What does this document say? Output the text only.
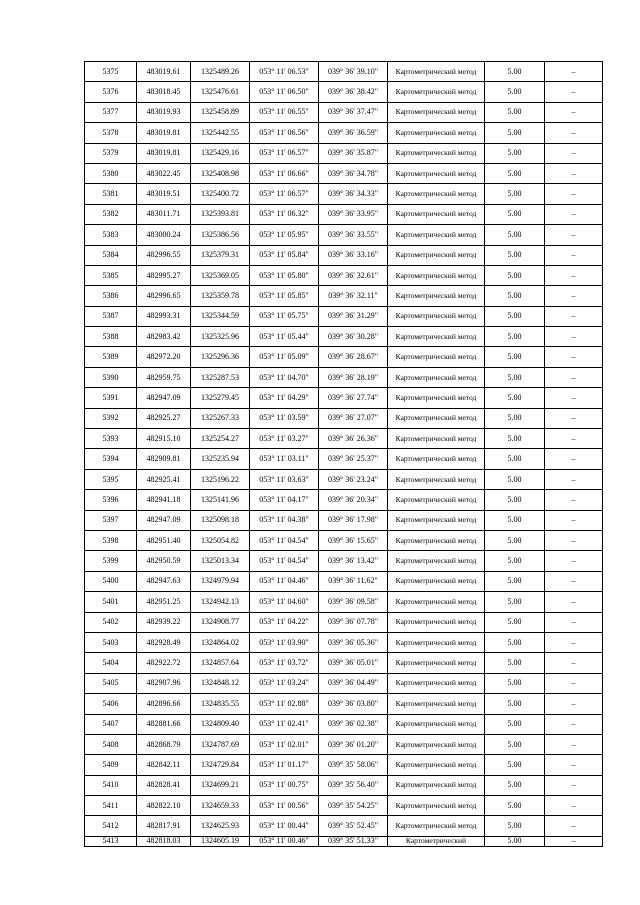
5375	483019.61	1325489.26	053° 11' 06.53"	039° 36' 39.10"	Картометрический метод	5.00	–
5376	483018.45	1325476.61	053° 11' 06.50"	039° 36' 38.42"	Картометрический метод	5.00	–
5377	483019.93	1325458.89	053° 11' 06.55"	039° 36' 37.47"	Картометрический метод	5.00	–
5378	483019.81	1325442.55	053° 11' 06.56"	039° 36' 36.59"	Картометрический метод	5.00	–
5379	483019.81	1325429.16	053° 11' 06.57"	039° 36' 35.87"	Картометрический метод	5.00	–
5380	483022.45	1325408.98	053° 11' 06.66"	039° 36' 34.78"	Картометрический метод	5.00	–
5381	483019.51	1325400.72	053° 11' 06.57"	039° 36' 34.33"	Картометрический метод	5.00	–
5382	483011.71	1325393.81	053° 11' 06.32"	039° 36' 33.95"	Картометрический метод	5.00	–
5383	483000.24	1325386.56	053° 11' 05.95"	039° 36' 33.55"	Картометрический метод	5.00	–
5384	482996.55	1325379.31	053° 11' 05.84"	039° 36' 33.16"	Картометрический метод	5.00	–
5385	482995.27	1325369.05	053° 11' 05.80"	039° 36' 32.61"	Картометрический метод	5.00	–
5386	482996.65	1325359.78	053° 11' 05.85"	039° 36' 32.11"	Картометрический метод	5.00	–
5387	482993.31	1325344.59	053° 11' 05.75"	039° 36' 31.29"	Картометрический метод	5.00	–
5388	482983.42	1325325.96	053° 11' 05.44"	039° 36' 30.28"	Картометрический метод	5.00	–
5389	482972.20	1325296.36	053° 11' 05.09"	039° 36' 28.67"	Картометрический метод	5.00	–
5390	482959.75	1325287.53	053° 11' 04.70"	039° 36' 28.19"	Картометрический метод	5.00	–
5391	482947.09	1325279.45	053° 11' 04.29"	039° 36' 27.74"	Картометрический метод	5.00	–
5392	482925.27	1325267.33	053° 11' 03.59"	039° 36' 27.07"	Картометрический метод	5.00	–
5393	482915.10	1325254.27	053° 11' 03.27"	039° 36' 26.36"	Картометрический метод	5.00	–
5394	482909.81	1325235.94	053° 11' 03.11"	039° 36' 25.37"	Картометрический метод	5.00	–
5395	482925.41	1325196.22	053° 11' 03.63"	039° 36' 23.24"	Картометрический метод	5.00	–
5396	482941.18	1325141.96	053° 11' 04.17"	039° 36' 20.34"	Картометрический метод	5.00	–
5397	482947.09	1325098.18	053° 11' 04.38"	039° 36' 17.98"	Картометрический метод	5.00	–
5398	482951.40	1325054.82	053° 11' 04.54"	039° 36' 15.65"	Картометрический метод	5.00	–
5399	482950.59	1325013.34	053° 11' 04.54"	039° 36' 13.42"	Картометрический метод	5.00	–
5400	482947.63	1324979.94	053° 11' 04.46"	039° 36' 11.62"	Картометрический метод	5.00	–
5401	482951.25	1324942.13	053° 11' 04.60"	039° 36' 09.58"	Картометрический метод	5.00	–
5402	482939.22	1324908.77	053° 11' 04.22"	039° 36' 07.78"	Картометрический метод	5.00	–
5403	482928.49	1324864.02	053° 11' 03.90"	039° 36' 05.36"	Картометрический метод	5.00	–
5404	482922.72	1324857.64	053° 11' 03.72"	039° 36' 05.01"	Картометрический метод	5.00	–
5405	482907.96	1324848.12	053° 11' 03.24"	039° 36' 04.49"	Картометрический метод	5.00	–
5406	482896.66	1324835.55	053° 11' 02.88"	039° 36' 03.80"	Картометрический метод	5.00	–
5407	482881.66	1324809.40	053° 11' 02.41"	039° 36' 02.38"	Картометрический метод	5.00	–
5408	482868.79	1324787.69	053° 11' 02.01"	039° 36' 01.20"	Картометрический метод	5.00	–
5409	482842.11	1324729.84	053° 11' 01.17"	039° 35' 58.06"	Картометрический метод	5.00	–
5410	482828.41	1324699.21	053° 11' 00.75"	039° 35' 56.40"	Картометрический метод	5.00	–
5411	482822.10	1324659.33	053° 11' 00.56"	039° 35' 54.25"	Картометрический метод	5.00	–
5412	482817.91	1324625.93	053° 11' 00.44"	039° 35' 52.45"	Картометрический метод	5.00	–
5413	482818.03	1324605.19	053° 11' 00.46"	039° 35' 51.33"	Картометрический	5.00	–
